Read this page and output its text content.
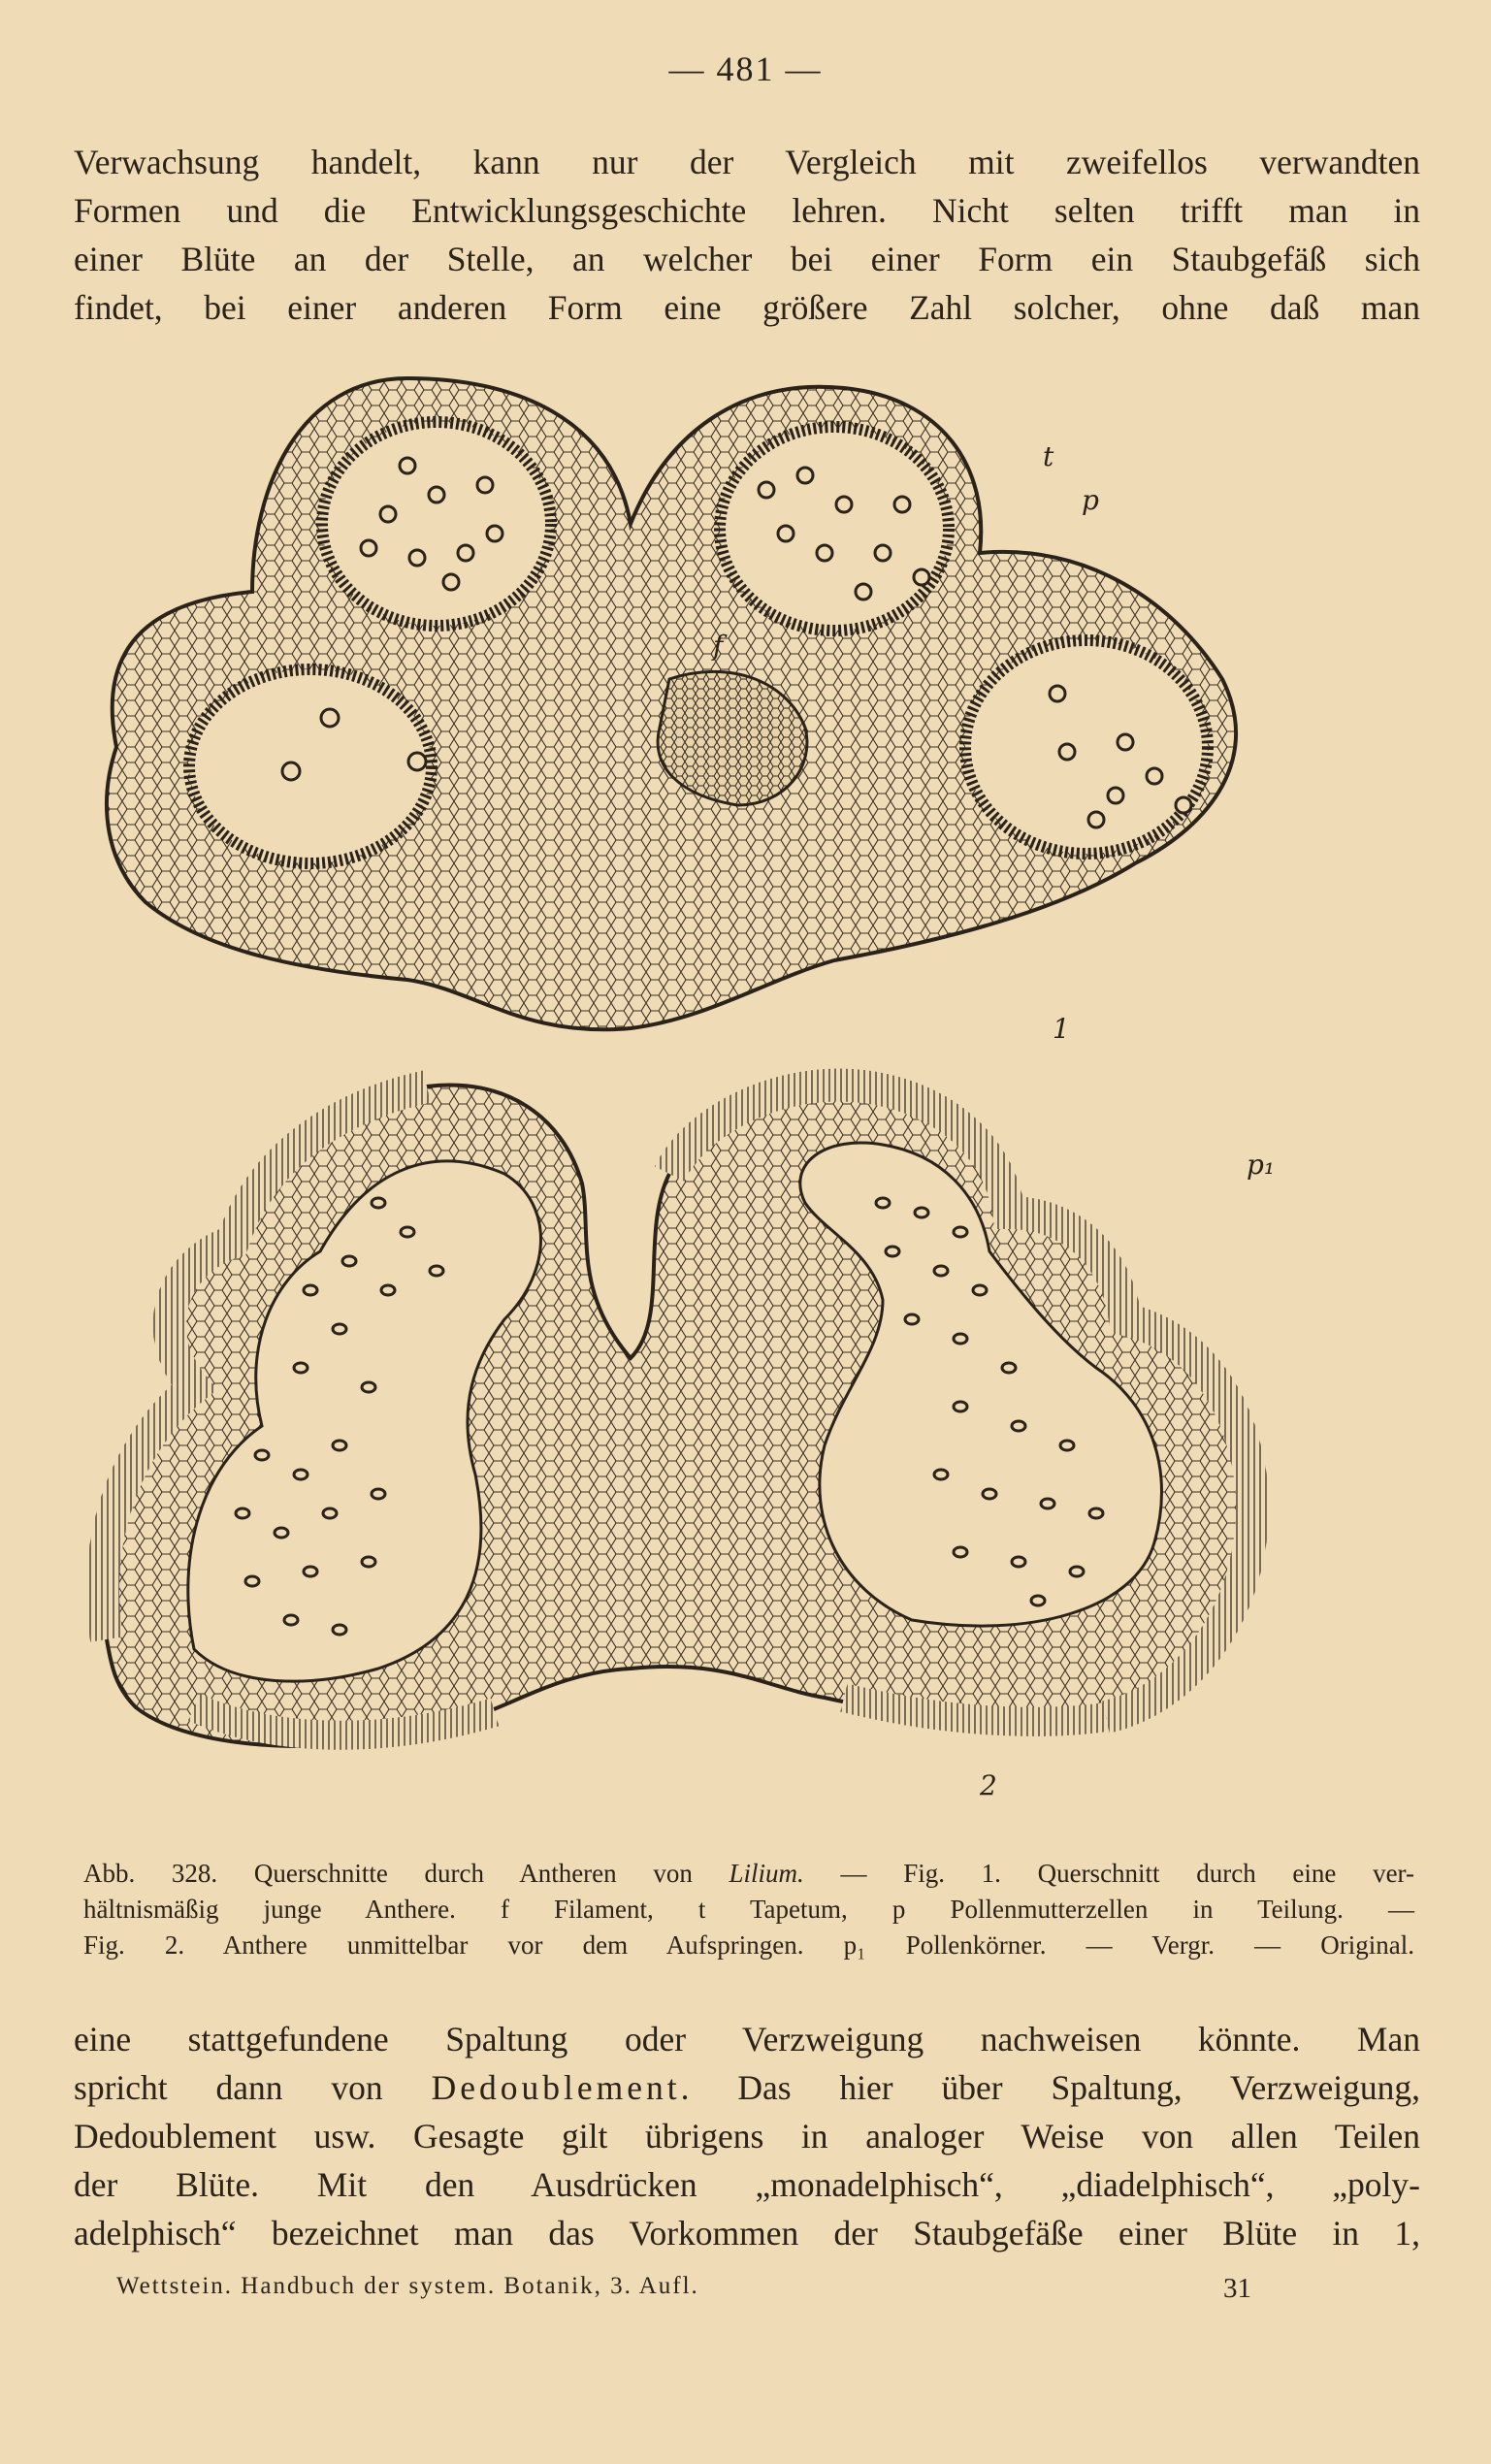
— 481 —

Verwachsung handelt, kann nur der Vergleich mit zweifellos verwandten
Formen und die Entwicklungsgeschichte lehren. Nicht selten trifft man in
einer Blüte an der Stelle, an welcher bei einer Form ein Staubgefäß sich
findet, bei einer anderen Form eine größere Zahl solcher, ohne daß man

t
p
f
1
p₁
2

Abb. 328. Querschnitte durch Antheren von Lilium. — Fig. 1. Querschnitt durch eine ver-
hältnismäßig junge Anthere. f Filament, t Tapetum, p Pollenmutterzellen in Teilung. —
Fig. 2. Anthere unmittelbar vor dem Aufspringen. p₁ Pollenkörner. — Vergr. — Original.

eine stattgefundene Spaltung oder Verzweigung nachweisen könnte. Man
spricht dann von Dedoublement. Das hier über Spaltung, Verzweigung,
Dedoublement usw. Gesagte gilt übrigens in analoger Weise von allen Teilen
der Blüte. Mit den Ausdrücken „monadelphisch“, „diadelphisch“, „poly-
adelphisch“ bezeichnet man das Vorkommen der Staubgefäße einer Blüte in 1,

Wettstein. Handbuch der system. Botanik, 3. Aufl.	31
